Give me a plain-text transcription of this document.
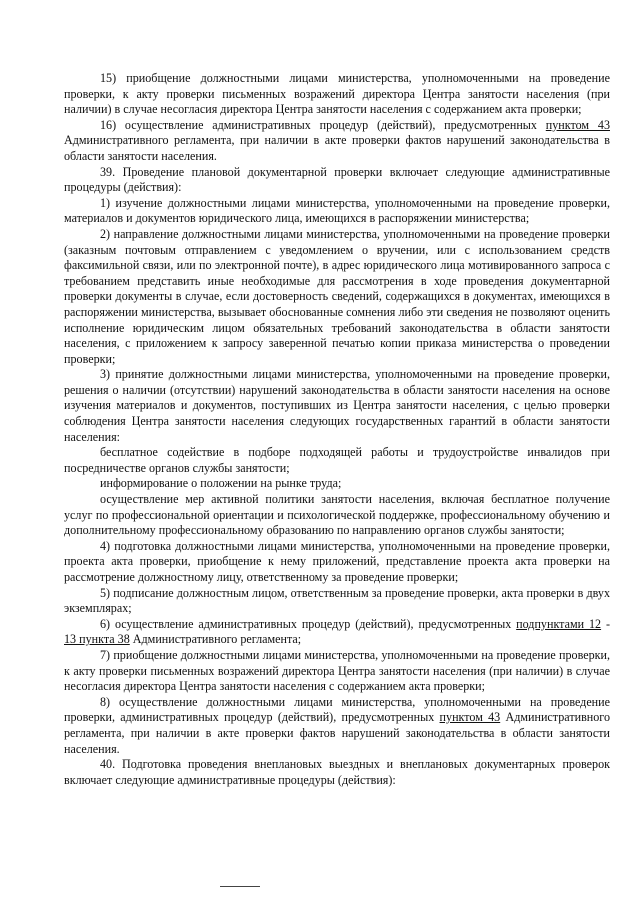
15) приобщение должностными лицами министерства, уполномоченными на проведение проверки, к акту проверки письменных возражений директора Центра занятости населения (при наличии) в случае несогласия директора Центра занятости населения с содержанием акта проверки;

16) осуществление административных процедур (действий), предусмотренных пунктом 43 Административного регламента, при наличии в акте проверки фактов нарушений законодательства в области занятости населения.

39. Проведение плановой документарной проверки включает следующие административные процедуры (действия):

1) изучение должностными лицами министерства, уполномоченными на проведение проверки, материалов и документов юридического лица, имеющихся в распоряжении министерства;

2) направление должностными лицами министерства, уполномоченными на проведение проверки (заказным почтовым отправлением с уведомлением о вручении, или с использованием средств факсимильной связи, или по электронной почте), в адрес юридического лица мотивированного запроса с требованием представить иные необходимые для рассмотрения в ходе проведения документарной проверки документы в случае, если достоверность сведений, содержащихся в документах, имеющихся в распоряжении министерства, вызывает обоснованные сомнения либо эти сведения не позволяют оценить исполнение юридическим лицом обязательных требований законодательства в области занятости населения, с приложением к запросу заверенной печатью копии приказа министерства о проведении проверки;

3) принятие должностными лицами министерства, уполномоченными на проведение проверки, решения о наличии (отсутствии) нарушений законодательства в области занятости населения на основе изучения материалов и документов, поступивших из Центра занятости населения, с целью проверки соблюдения Центра занятости населения следующих государственных гарантий в области занятости населения:

бесплатное содействие в подборе подходящей работы и трудоустройстве инвалидов при посредничестве органов службы занятости;

информирование о положении на рынке труда;

осуществление мер активной политики занятости населения, включая бесплатное получение услуг по профессиональной ориентации и психологической поддержке, профессиональному обучению и дополнительному профессиональному образованию по направлению органов службы занятости;

4) подготовка должностными лицами министерства, уполномоченными на проведение проверки, проекта акта проверки, приобщение к нему приложений, представление проекта акта проверки на рассмотрение должностному лицу, ответственному за проведение проверки;

5) подписание должностным лицом, ответственным за проведение проверки, акта проверки в двух экземплярах;

6) осуществление административных процедур (действий), предусмотренных подпунктами 12 - 13 пункта 38 Административного регламента;

7) приобщение должностными лицами министерства, уполномоченными на проведение проверки, к акту проверки письменных возражений директора Центра занятости населения (при наличии) в случае несогласия директора Центра занятости населения с содержанием акта проверки;

8) осуществление должностными лицами министерства, уполномоченными на проведение проверки, административных процедур (действий), предусмотренных пунктом 43 Административного регламента, при наличии в акте проверки фактов нарушений законодательства в области занятости населения.

40. Подготовка проведения внеплановых выездных и внеплановых документарных проверок включает следующие административные процедуры (действия):
